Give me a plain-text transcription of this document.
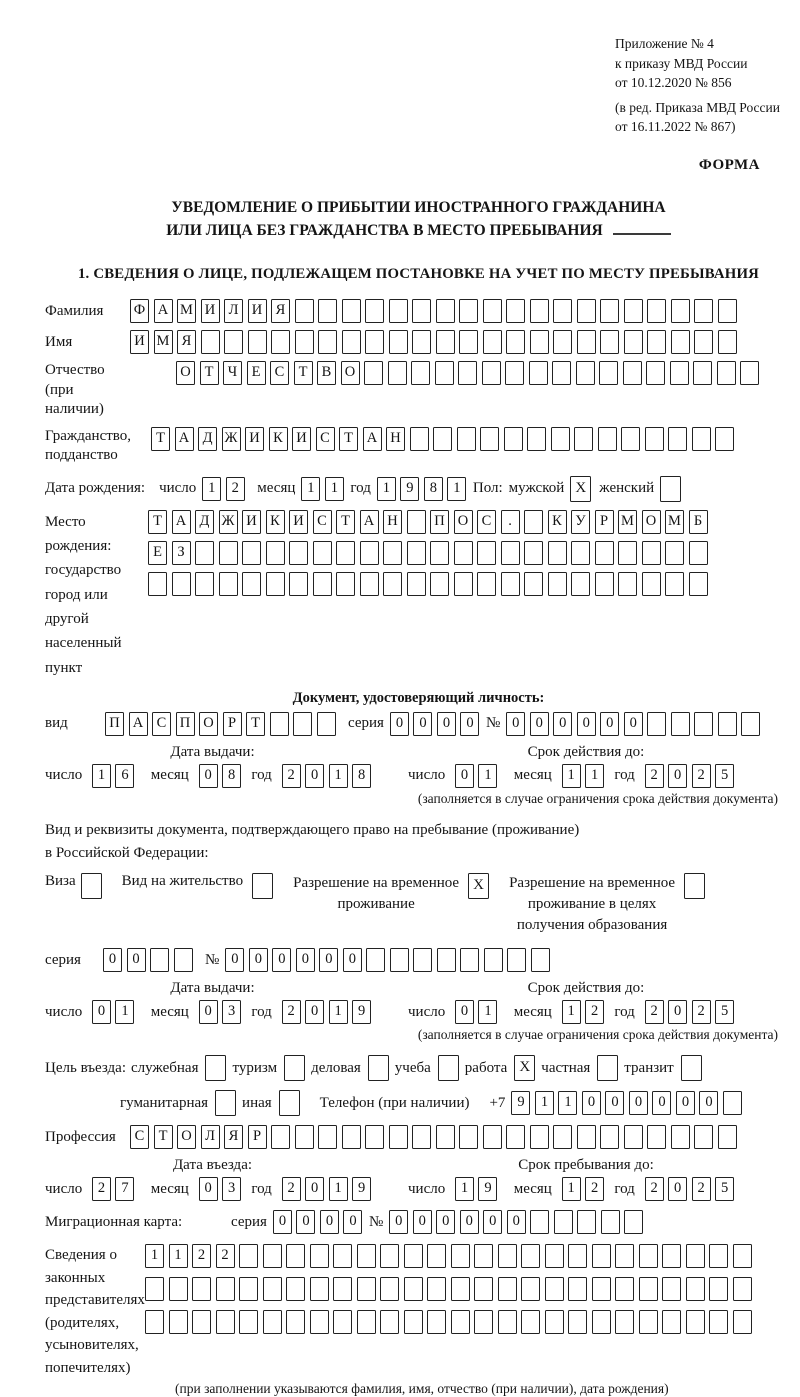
Приложение № 4
к приказу МВД России
от 10.12.2020 № 856
(в ред. Приказа МВД России
от 16.11.2022 № 867)
ФОРМА
УВЕДОМЛЕНИЕ О ПРИБЫТИИ ИНОСТРАННОГО ГРАЖДАНИНА
ИЛИ ЛИЦА БЕЗ ГРАЖДАНСТВА В МЕСТО ПРЕБЫВАНИЯ
1. СВЕДЕНИЯ О ЛИЦЕ, ПОДЛЕЖАЩЕМ ПОСТАНОВКЕ НА УЧЕТ ПО МЕСТУ ПРЕБЫВАНИЯ
Фамилия	Ф А М И Л И Я
Имя	И М Я
Отчество
(при наличии)
О Т Ч Е С Т В О
Гражданство,
подданство
Т А Д Ж И К И С Т А Н
Дата рождения: число 1 2	месяц 1 1 год 1 9 8 1 Пол: мужской X женский
Место рождения:
государство
город или другой
населенный пункт
Т А Д Ж И К И С Т А Н	П О С .	К У Р М О М Б
Е З
Документ, удостоверяющий личность:
вид	П А С П О Р Т	серия 0 0 0 0 № 0 0 0 0 0 0
Дата выдачи:
число 1 6 месяц 0 8 год 2 0 1 8
Срок действия до:
число 0 1 месяц 1 1 год 2 0 2 5
(заполняется в случае ограничения срока действия документа)
Вид и реквизиты документа, подтверждающего право на пребывание (проживание)
в Российской Федерации:
Виза	Вид на жительство	Разрешение на временное
проживание
X	Разрешение на временное
проживание в целях
получения образования
серия	0 0	№ 0 0 0 0 0 0
Дата выдачи:
число 0 1 месяц 0 3 год 2 0 1 9
Срок действия до:
число 0 1 месяц 1 2 год 2 0 2 5
(заполняется в случае ограничения срока действия документа)
Цель въезда: служебная туризм деловая учеба работа X частная транзит
гуманитарная иная	Телефон (при наличии) +7 9 1 1 0 0 0 0 0 0
Профессия	С Т О Л Я Р
Дата въезда:
число 2 7 месяц 0 3 год 2 0 1 9
Срок пребывания до:
число 1 9 месяц 1 2 год 2 0 2 5
Миграционная карта:	серия 0 0 0 0 № 0 0 0 0 0 0
Сведения о
законных
представителях
(родителях,
усыновителях,
попечителях)
1 1 2 2
(при заполнении указываются фамилия, имя, отчество (при наличии), дата рождения)
